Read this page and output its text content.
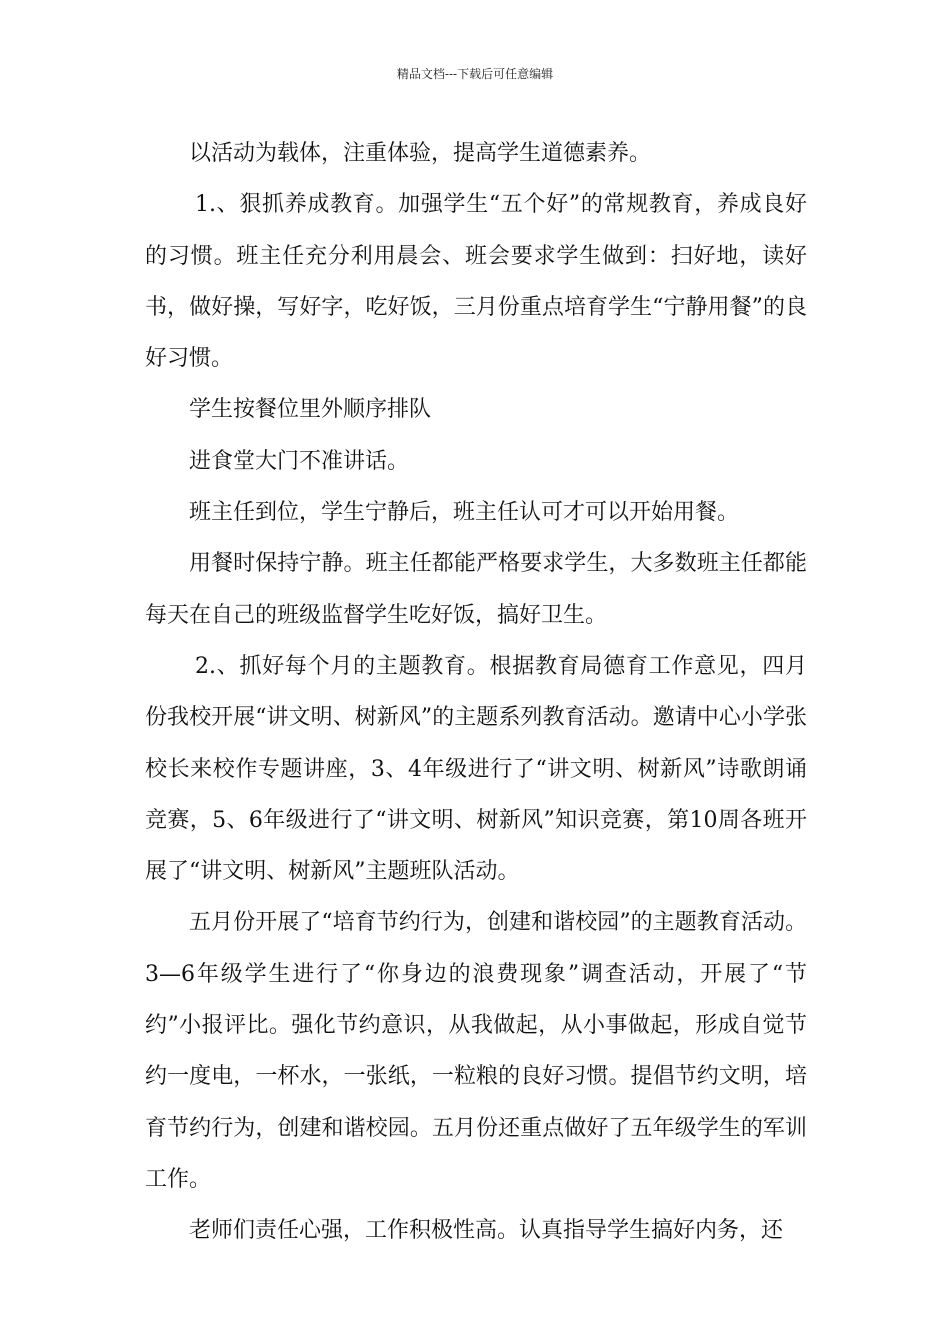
精品文档---下载后可任意编辑

以活动为载体，注重体验，提高学生道德素养。

1.、狠抓养成教育。加强学生“五个好”的常规教育，养成良好的习惯。班主任充分利用晨会、班会要求学生做到：扫好地，读好书，做好操，写好字，吃好饭，三月份重点培育学生“宁静用餐”的良好习惯。

学生按餐位里外顺序排队

进食堂大门不准讲话。

班主任到位，学生宁静后，班主任认可才可以开始用餐。

用餐时保持宁静。班主任都能严格要求学生，大多数班主任都能每天在自己的班级监督学生吃好饭，搞好卫生。

2.、抓好每个月的主题教育。根据教育局德育工作意见，四月份我校开展“讲文明、树新风”的主题系列教育活动。邀请中心小学张校长来校作专题讲座，3、4年级进行了“讲文明、树新风”诗歌朗诵竞赛，5、6年级进行了“讲文明、树新风”知识竞赛，第10周各班开展了“讲文明、树新风”主题班队活动。

五月份开展了“培育节约行为，创建和谐校园”的主题教育活动。3—6年级学生进行了“你身边的浪费现象”调查活动，开展了“节约”小报评比。强化节约意识，从我做起，从小事做起，形成自觉节约一度电，一杯水，一张纸，一粒粮的良好习惯。提倡节约文明，培育节约行为，创建和谐校园。五月份还重点做好了五年级学生的军训工作。

老师们责任心强，工作积极性高。认真指导学生搞好内务，还
